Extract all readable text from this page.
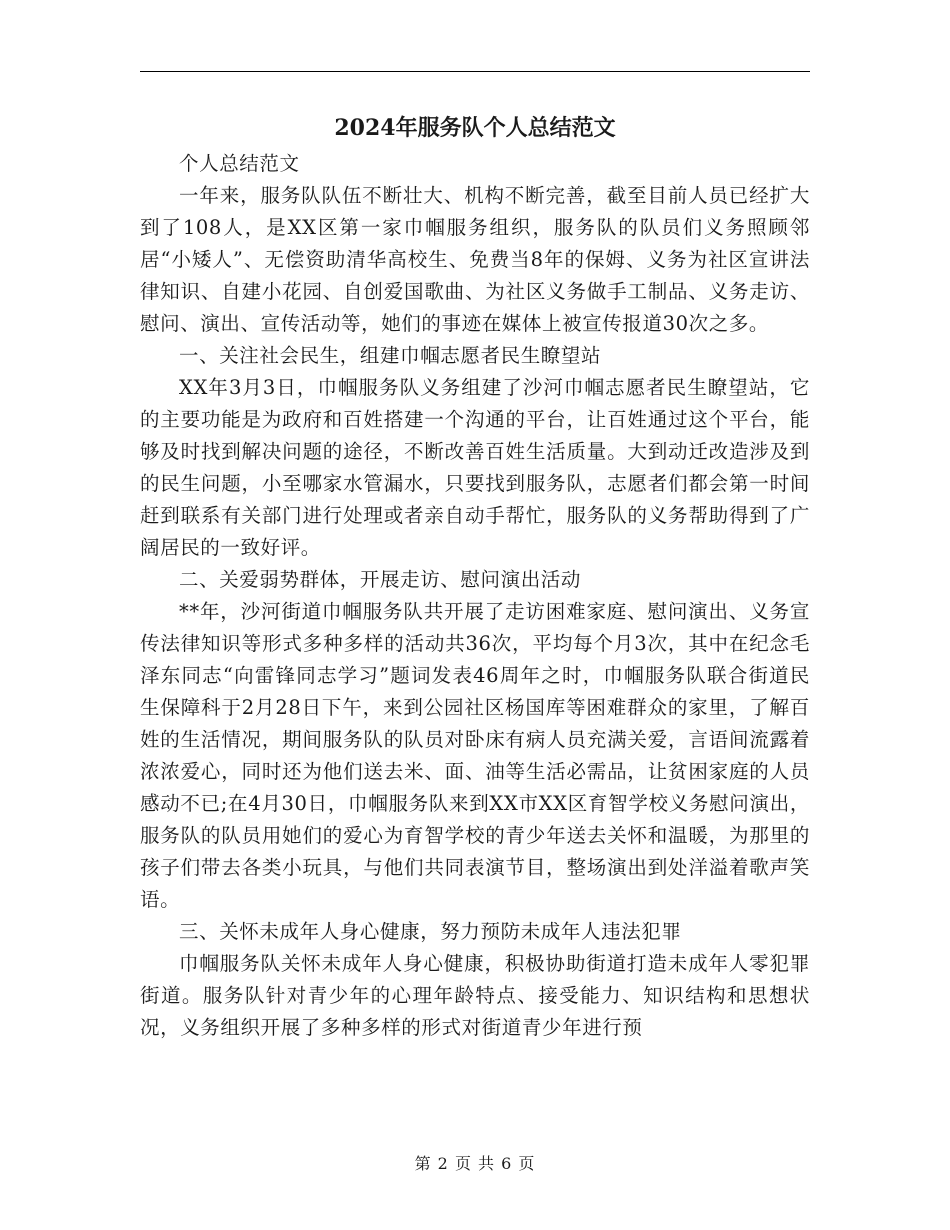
2024年服务队个人总结范文

个人总结范文

一年来，服务队队伍不断壮大、机构不断完善，截至目前人员已经扩大到了108人，是XX区第一家巾帼服务组织，服务队的队员们义务照顾邻居“小矮人”、无偿资助清华高校生、免费当8年的保姆、义务为社区宣讲法律知识、自建小花园、自创爱国歌曲、为社区义务做手工制品、义务走访、慰问、演出、宣传活动等，她们的事迹在媒体上被宣传报道30次之多。

一、关注社会民生，组建巾帼志愿者民生瞭望站

XX年3月3日，巾帼服务队义务组建了沙河巾帼志愿者民生瞭望站，它的主要功能是为政府和百姓搭建一个沟通的平台，让百姓通过这个平台，能够及时找到解决问题的途径，不断改善百姓生活质量。大到动迁改造涉及到的民生问题，小至哪家水管漏水，只要找到服务队，志愿者们都会第一时间赶到联系有关部门进行处理或者亲自动手帮忙，服务队的义务帮助得到了广阔居民的一致好评。

二、关爱弱势群体，开展走访、慰问演出活动

**年，沙河街道巾帼服务队共开展了走访困难家庭、慰问演出、义务宣传法律知识等形式多种多样的活动共36次，平均每个月3次，其中在纪念毛泽东同志“向雷锋同志学习”题词发表46周年之时，巾帼服务队联合街道民生保障科于2月28日下午，来到公园社区杨国库等困难群众的家里，了解百姓的生活情况，期间服务队的队员对卧床有病人员充满关爱，言语间流露着浓浓爱心，同时还为他们送去米、面、油等生活必需品，让贫困家庭的人员感动不已;在4月30日，巾帼服务队来到XX市XX区育智学校义务慰问演出，服务队的队员用她们的爱心为育智学校的青少年送去关怀和温暖，为那里的孩子们带去各类小玩具，与他们共同表演节目，整场演出到处洋溢着歌声笑语。

三、关怀未成年人身心健康，努力预防未成年人违法犯罪

巾帼服务队关怀未成年人身心健康，积极协助街道打造未成年人零犯罪街道。服务队针对青少年的心理年龄特点、接受能力、知识结构和思想状况，义务组织开展了多种多样的形式对街道青少年进行预

第 2 页 共 6 页
